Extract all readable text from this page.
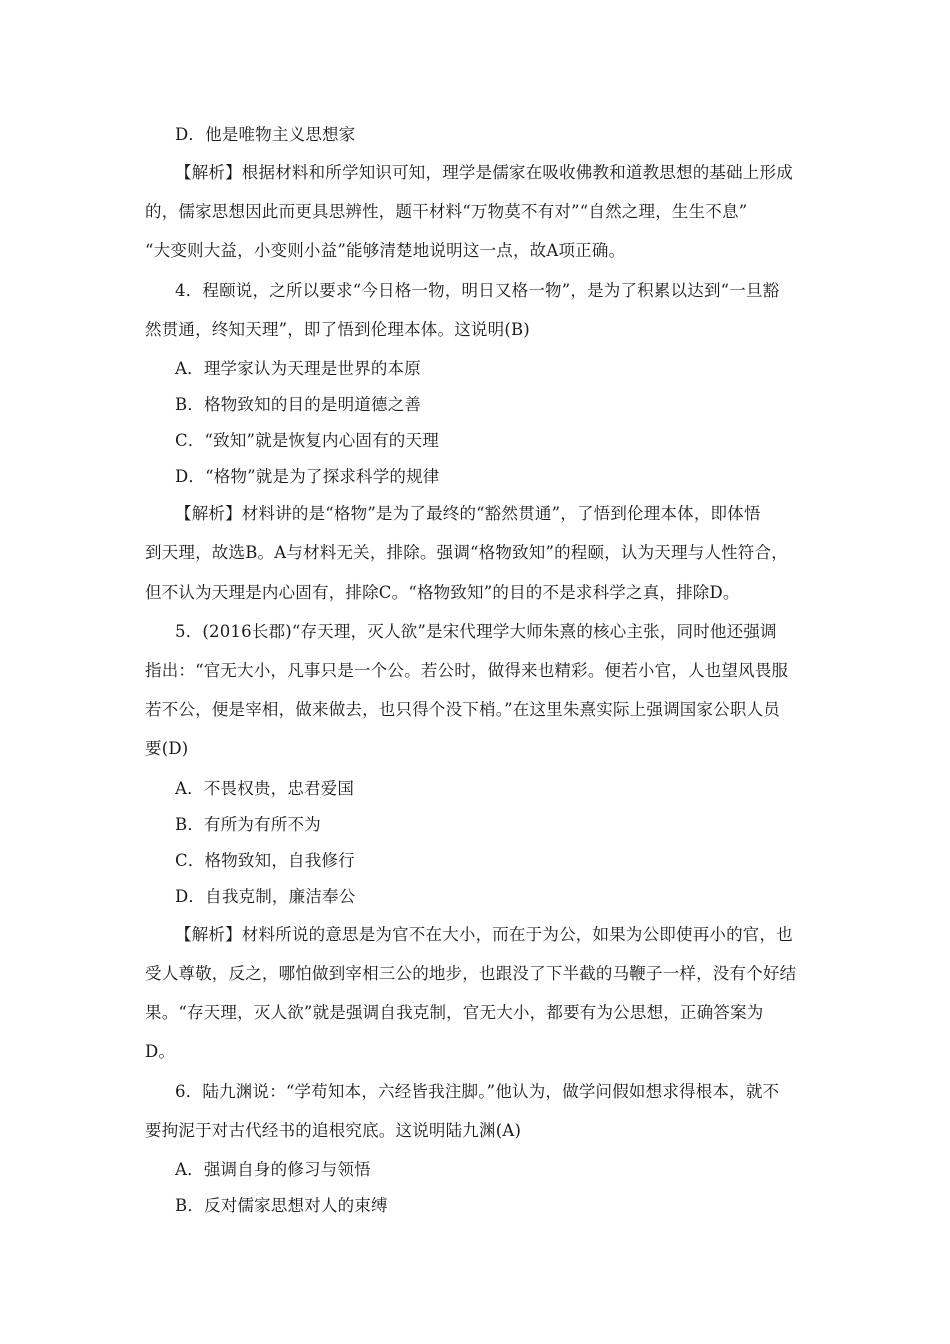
D．他是唯物主义思想家
【解析】根据材料和所学知识可知，理学是儒家在吸收佛教和道教思想的基础上形成
的，儒家思想因此而更具思辨性，题干材料“万物莫不有对”“自然之理，生生不息”
“大变则大益，小变则小益”能够清楚地说明这一点，故A项正确。
4．程颐说，之所以要求“今日格一物，明日又格一物”，是为了积累以达到“一旦豁
然贯通，终知天理”，即了悟到伦理本体。这说明(B)
A．理学家认为天理是世界的本原
B．格物致知的目的是明道德之善
C．“致知”就是恢复内心固有的天理
D．“格物”就是为了探求科学的规律
【解析】材料讲的是“格物”是为了最终的“豁然贯通”，了悟到伦理本体，即体悟
到天理，故选B。A与材料无关，排除。强调“格物致知”的程颐，认为天理与人性符合，
但不认为天理是内心固有，排除C。“格物致知”的目的不是求科学之真，排除D。
5．(2016长郡)“存天理，灭人欲”是宋代理学大师朱熹的核心主张，同时他还强调
指出：“官无大小，凡事只是一个公。若公时，做得来也精彩。便若小官，人也望风畏服
若不公，便是宰相，做来做去，也只得个没下梢。”在这里朱熹实际上强调国家公职人员
要(D)
A．不畏权贵，忠君爱国
B．有所为有所不为
C．格物致知，自我修行
D．自我克制，廉洁奉公
【解析】材料所说的意思是为官不在大小，而在于为公，如果为公即使再小的官，也
受人尊敬，反之，哪怕做到宰相三公的地步，也跟没了下半截的马鞭子一样，没有个好结
果。“存天理，灭人欲”就是强调自我克制，官无大小，都要有为公思想，正确答案为
D。
6．陆九渊说：“学苟知本，六经皆我注脚。”他认为，做学问假如想求得根本，就不
要拘泥于对古代经书的追根究底。这说明陆九渊(A)
A．强调自身的修习与领悟
B．反对儒家思想对人的束缚
